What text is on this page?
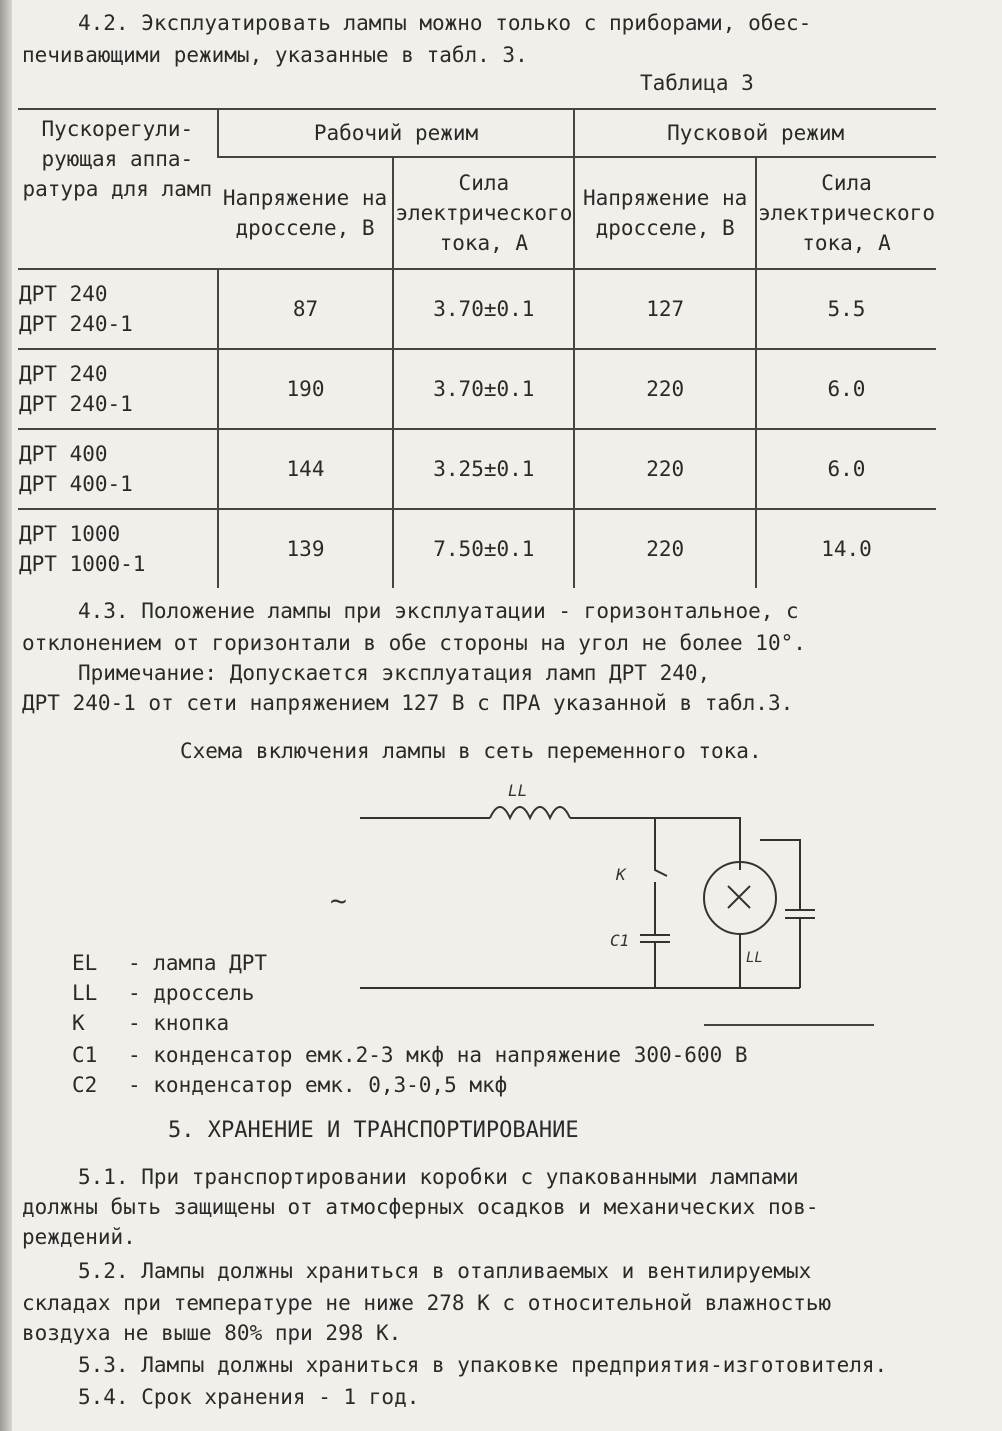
4.2. Эксплуатировать лампы можно только с приборами, обес-
печивающими режимы, указанные в табл. 3.
Таблица 3
Пускорегули-рующая аппа-ратура для ламп	Рабочий режим		Пусковой режим	
	Напряжение на дросселе, В	Сила электрического тока, А	Напряжение на дросселе, В	Сила электрического тока, А

ДРТ 240
ДРТ 240-1	87	3.70±0.1	127	5.5

ДРТ 240
ДРТ 240-1	190	3.70±0.1	220	6.0

ДРТ 400
ДРТ 400-1	144	3.25±0.1	220	6.0

ДРТ 1000
ДРТ 1000-1	139	7.50±0.1	220	14.0
4.3. Положение лампы при эксплуатации - горизонтальное, с
отклонением от горизонтали в обе стороны на угол не более 10°.
Примечание: Допускается эксплуатация ламп ДРТ 240,
ДРТ 240-1 от сети напряжением 127 В с ПРА указанной в табл.3.
Схема включения лампы в сеть переменного тока.
LL
K
C1
LL
~
EL - лампа ДРТ
LL - дроссель
K - кнопка
C1 - конденсатор емк.2-3 мкф на напряжение 300-600 В
C2 - конденсатор емк. 0,3-0,5 мкф
5. ХРАНЕНИЕ И ТРАНСПОРТИРОВАНИЕ
5.1. При транспортировании коробки с упакованными лампами
должны быть защищены от атмосферных осадков и механических пов-
реждений.
5.2. Лампы должны храниться в отапливаемых и вентилируемых
складах при температуре не ниже 278 К с относительной влажностью
воздуха не выше 80% при 298 К.
5.3. Лампы должны храниться в упаковке предприятия-изготовителя.
5.4. Срок хранения - 1 год.
